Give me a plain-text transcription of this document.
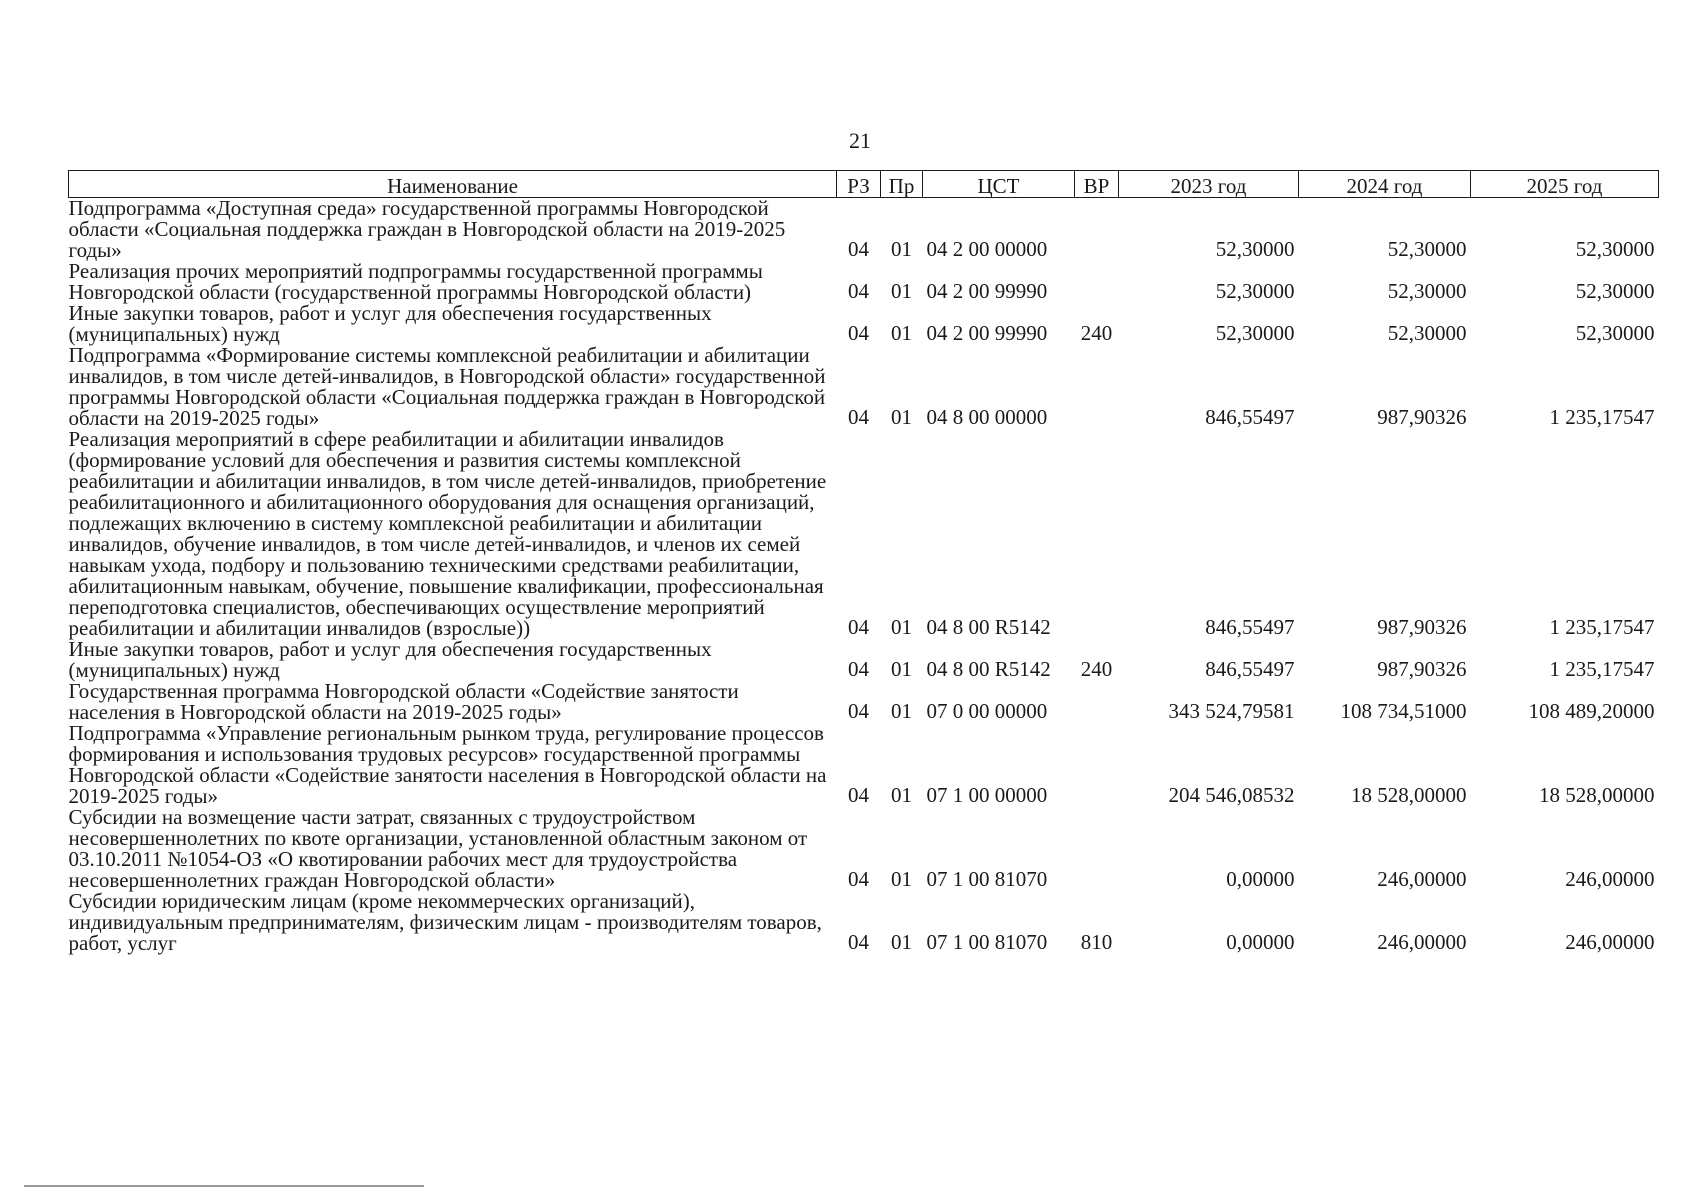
21
Наименование	РЗ	Пр	ЦСТ	ВР	2023 год	2024 год	2025 год
Подпрограмма «Доступная среда» государственной программы Новгородской области «Социальная поддержка граждан в Новгородской области на 2019-2025 годы»	04	01	04 2 00 00000		52,30000	52,30000	52,30000
Реализация прочих мероприятий подпрограммы государственной программы Новгородской области (государственной программы Новгородской области)	04	01	04 2 00 99990		52,30000	52,30000	52,30000
Иные закупки товаров, работ и услуг для обеспечения государственных (муниципальных) нужд	04	01	04 2 00 99990	240	52,30000	52,30000	52,30000
Подпрограмма «Формирование системы комплексной реабилитации и абилитации инвалидов, в том числе детей-инвалидов, в Новгородской области» государственной программы Новгородской области «Социальная поддержка граждан в Новгородской области на 2019-2025 годы»	04	01	04 8 00 00000		846,55497	987,90326	1 235,17547
Реализация мероприятий в сфере реабилитации и абилитации инвалидов (формирование условий для обеспечения и развития системы комплексной реабилитации и абилитации инвалидов, в том числе детей-инвалидов, приобретение реабилитационного и абилитационного оборудования для оснащения организаций, подлежащих включению в систему комплексной реабилитации и абилитации инвалидов, обучение инвалидов, в том числе детей-инвалидов, и членов их семей навыкам ухода, подбору и пользованию техническими средствами реабилитации, абилитационным навыкам, обучение, повышение квалификации, профессиональная переподготовка специалистов, обеспечивающих осуществление мероприятий реабилитации и абилитации инвалидов (взрослые))	04	01	04 8 00 R5142		846,55497	987,90326	1 235,17547
Иные закупки товаров, работ и услуг для обеспечения государственных (муниципальных) нужд	04	01	04 8 00 R5142	240	846,55497	987,90326	1 235,17547
Государственная программа Новгородской области «Содействие занятости населения в Новгородской области на 2019-2025 годы»	04	01	07 0 00 00000		343 524,79581	108 734,51000	108 489,20000
Подпрограмма «Управление региональным рынком труда, регулирование процессов формирования и использования трудовых ресурсов» государственной программы Новгородской области «Содействие занятости населения в Новгородской области на 2019-2025 годы»	04	01	07 1 00 00000		204 546,08532	18 528,00000	18 528,00000
Субсидии на возмещение части затрат, связанных с трудоустройством несовершеннолетних по квоте организации, установленной областным законом от 03.10.2011 №1054-ОЗ «О квотировании рабочих мест для трудоустройства несовершеннолетних граждан Новгородской области»	04	01	07 1 00 81070		0,00000	246,00000	246,00000
Субсидии юридическим лицам (кроме некоммерческих организаций), индивидуальным предпринимателям, физическим лицам - производителям товаров, работ, услуг	04	01	07 1 00 81070	810	0,00000	246,00000	246,00000
